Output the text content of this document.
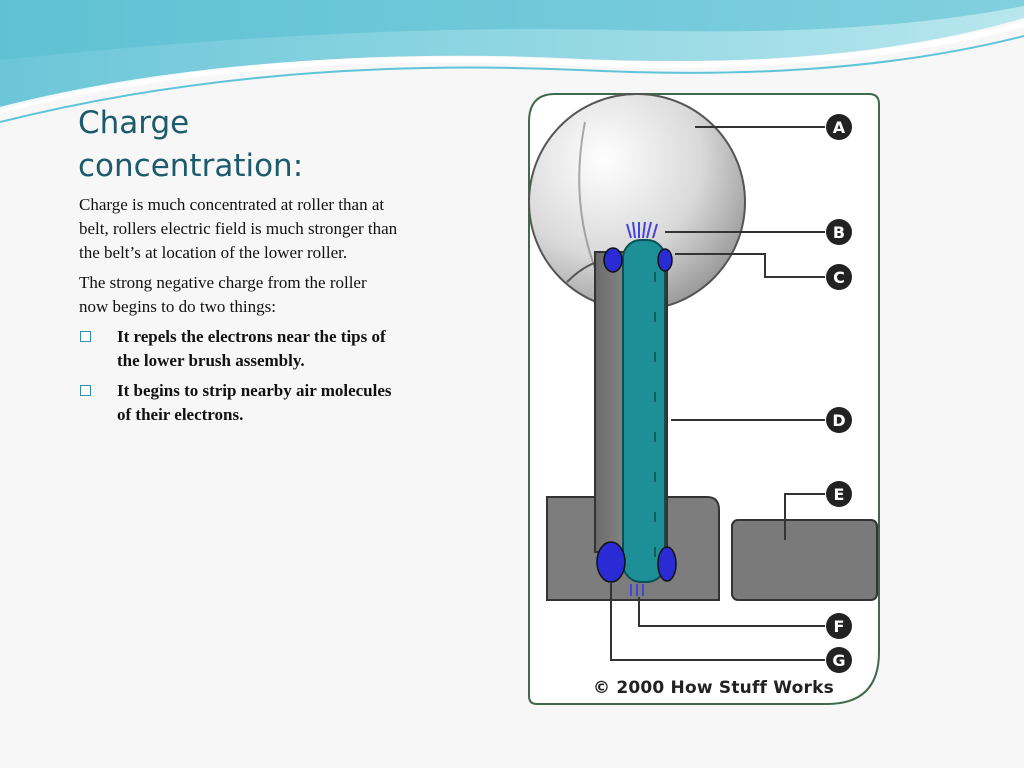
Charge concentration:

Charge is much concentrated at roller than at belt, rollers electric field is much stronger than the belt’s at location of the lower roller.

The strong negative charge from the roller now begins to do two things:

It repels the electrons near the tips of the lower brush assembly.
It begins to strip nearby air molecules of their electrons.
A
B
C
D
E
F
G
© 2000 How Stuff Works
